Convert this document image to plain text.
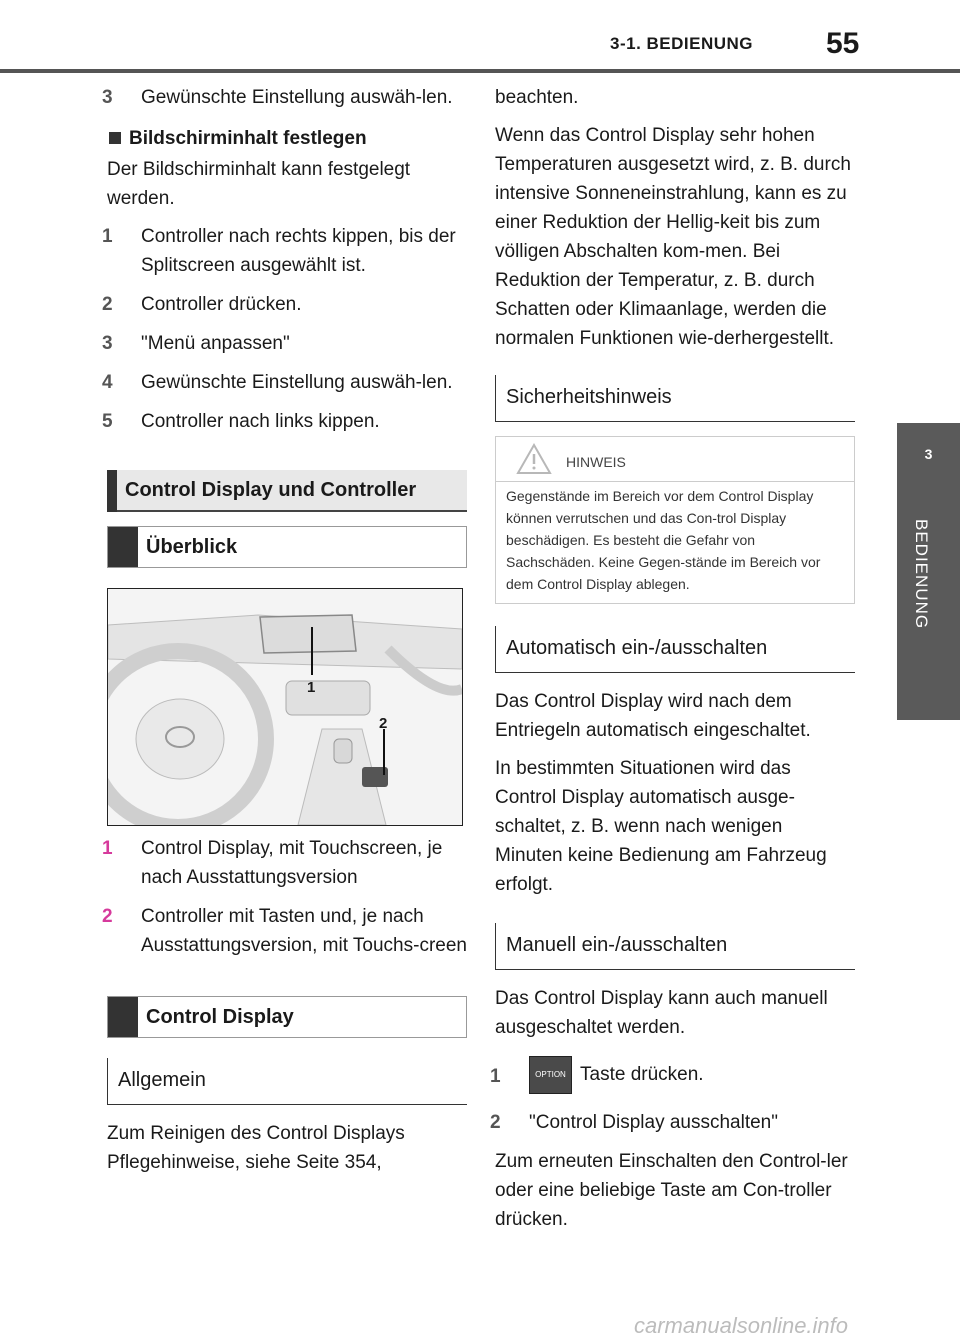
3-1. BEDIENUNG 55
3
BEDIENUNG
3 Gewünschte Einstellung auswäh-len.
Bildschirminhalt festlegen

Der Bildschirminhalt kann festgelegt werden.

1 Controller nach rechts kippen, bis der Splitscreen ausgewählt ist.
2 Controller drücken.
3 "Menü anpassen"
4 Gewünschte Einstellung auswäh-len.
5 Controller nach links kippen.
Control Display und Controller
Überblick
1
2
1 Control Display, mit Touchscreen, je nach Ausstattungsversion
2 Controller mit Tasten und, je nach Ausstattungsversion, mit Touchs-creen
Control Display
Allgemein

Zum Reinigen des Control Displays Pflegehinweise, siehe Seite 354,

beachten.

Wenn das Control Display sehr hohen Temperaturen ausgesetzt wird, z. B. durch intensive Sonneneinstrahlung, kann es zu einer Reduktion der Hellig-keit bis zum völligen Abschalten kom-men. Bei Reduktion der Temperatur, z. B. durch Schatten oder Klimaanlage, werden die normalen Funktionen wie-derhergestellt.

Sicherheitshinweis
HINWEIS
Gegenstände im Bereich vor dem Control Display können verrutschen und das Con-trol Display beschädigen. Es besteht die Gefahr von Sachschäden. Keine Gegen-stände im Bereich vor dem Control Display ablegen.
Automatisch ein-/ausschalten

Das Control Display wird nach dem Entriegeln automatisch eingeschaltet.

In bestimmten Situationen wird das Control Display automatisch ausge-schaltet, z. B. wenn nach wenigen Minuten keine Bedienung am Fahrzeug erfolgt.

Manuell ein-/ausschalten

Das Control Display kann auch manuell ausgeschaltet werden.

1	OPTION Taste drücken.
2 "Control Display ausschalten"

Zum erneuten Einschalten den Control-ler oder eine beliebige Taste am Con-troller drücken.

carmanualsonline.info
